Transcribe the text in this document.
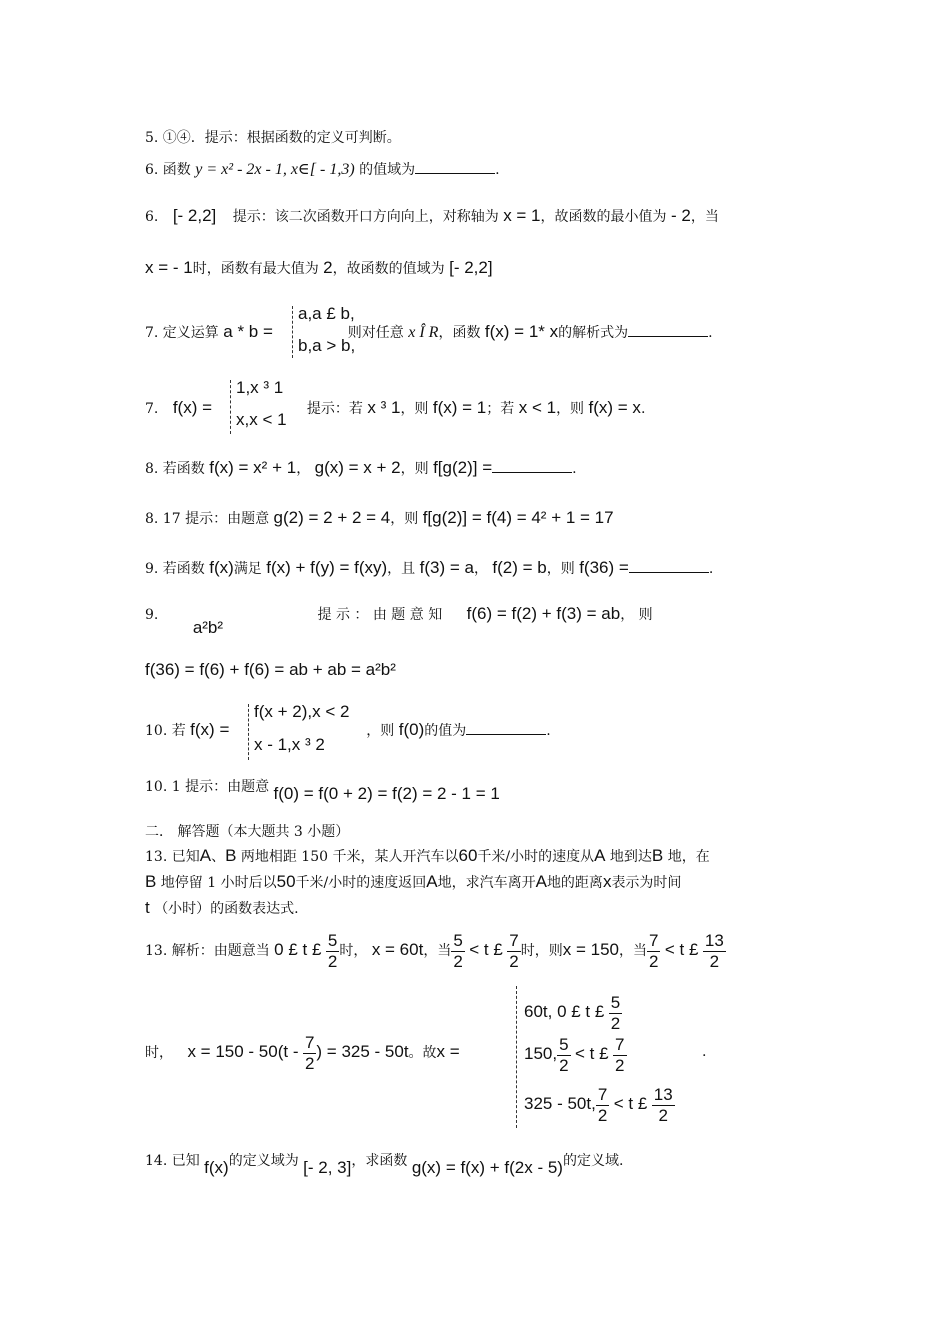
5. ①④．提示：根据函数的定义可判断。
6. 函数 y = x² - 2x - 1, x∈[ - 1,3) 的值域为	.
6. [- 2,2] 提示：该二次函数开口方向向上，对称轴为 x = 1，故函数的最小值为 - 2，当
x = - 1时，函数有最大值为 2，故函数的值域为 [- 2,2]
7. 定义运算 a * b =	则对任意 x Î R，函数 f(x) = 1* x的解析式为	.
a,a £ b,
b,a > b,
7. f(x) =	提示：若 x ³ 1，则 f(x) = 1；若 x < 1，则 f(x) = x.
1,x ³ 1
x,x < 1
8. 若函数 f(x) = x² + 1， g(x) = x + 2，则 f[g(2)] =	.
8. 17 提示：由题意 g(2) = 2 + 2 = 4，则 f[g(2)] = f(4) = 4² + 1 = 17
9. 若函数 f(x)满足 f(x) + f(y) = f(xy)，且 f(3) = a， f(2) = b，则 f(36) =	.
9. a²b² 提 示 ： 由 题 意 知 f(6) = f(2) + f(3) = ab， 则
f(36) = f(6) + f(6) = ab + ab = a²b²
10. 若 f(x) =	，则 f(0)的值为	.
f(x + 2),x < 2
x - 1,x ³ 2
10. 1 提示：由题意 f(0) = f(0 + 2) = f(2) = 2 - 1 = 1
二． 解答题（本大题共 3 小题）
13. 已知A、B 两地相距 150 千米，某人开汽车以60千米/小时的速度从A 地到达B 地，在
B 地停留 1 小时后以50千米/小时的速度返回A地，求汽车离开A地的距离x表示为时间
t （小时）的函数表达式.
13. 解析：由题意当 0 £ t £ $\frac{5}{2}$ 时， x = 60t，当 $\frac{5}{2} < t$ £ $\frac{7}{2}$ 时，则x = 150，当 $\frac{7}{2} < t$ £ $\frac{13}{2}$
时， $x = 150 - 50(t - \frac{7}{2}$ ) = 325 - 50t。故x =	.
60t, 0 £ t £ $\frac{5}{2}$
150, $\frac{5}{2} < t$ £ $\frac{7}{2}$
325 - 50t, $\frac{7}{2} < t$ £ $\frac{13}{2}$
14. 已知 f(x)的定义域为 [- 2, 3]，求函数 g(x) = f(x) + f(2x - 5)的定义域.
